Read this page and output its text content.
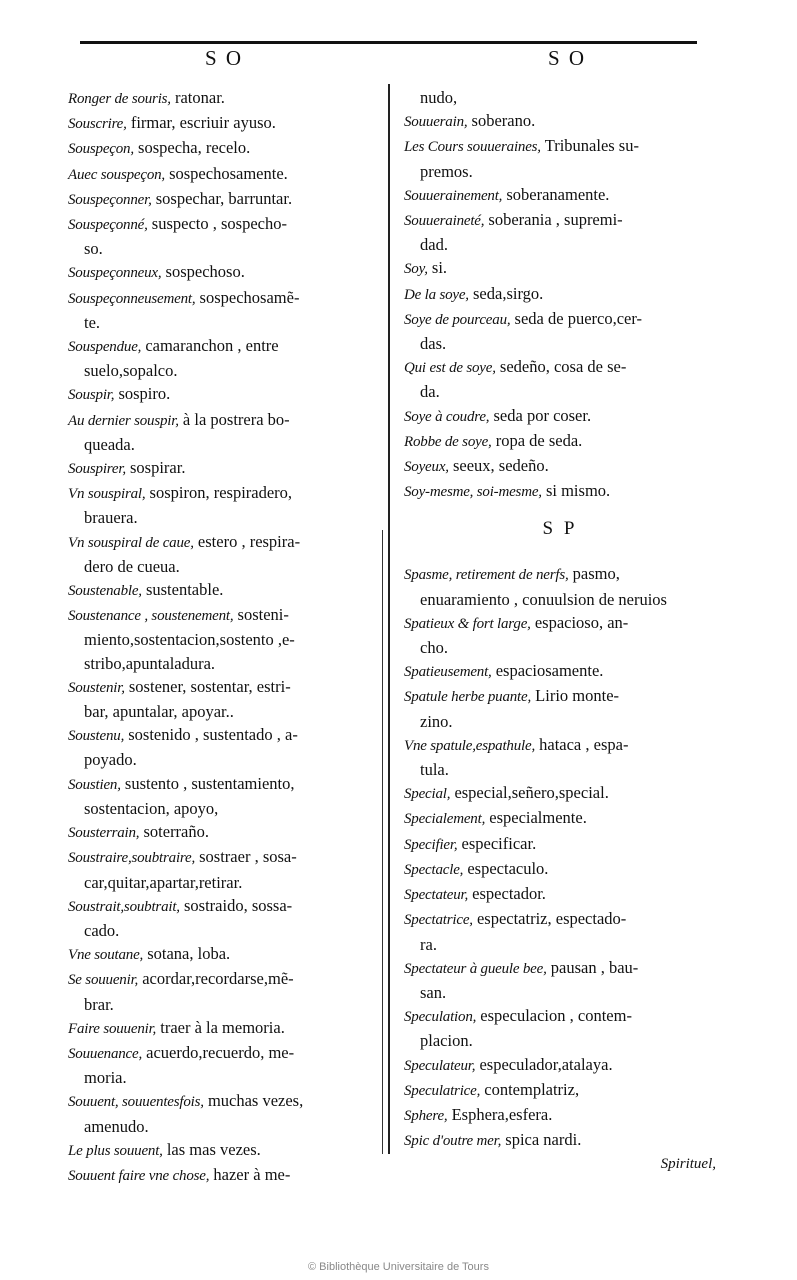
S O	S O

Ronger de souris, ratonar.

Souscrire, firmar, escriuir ayuso.

Souspeçon, sospecha, recelo.

Auec souspeçon, sospechosamente.

Souspeçonner, sospechar, barruntar.

Souspeçonné, suspecto , sospecho-
so.

Souspeçonneux, sospechoso.

Souspeçonneusement, sospechosamẽ-
te.

Souspendue, camaranchon , entre
suelo,sopalco.

Souspir, sospiro.

Au dernier souspir, à la postrera bo-
queada.

Souspirer, sospirar.

Vn souspiral, sospiron, respiradero,
brauera.

Vn souspiral de caue, estero , respira-
dero de cueua.

Soustenable, sustentable.

Soustenance , soustenement, sosteni-
miento,sostentacion,sostento ,e-stribo,apuntaladura.

Soustenir, sostener, sostentar, estri-
bar, apuntalar, apoyar..

Soustenu, sostenido , sustentado , a-
poyado.

Soustien, sustento , sustentamiento,
sostentacion, apoyo,

Sousterrain, soterraño.

Soustraire,soubtraire, sostraer , sosa-
car,quitar,apartar,retirar.

Soustrait,soubtrait, sostraido, sossa-
cado.

Vne soutane, sotana, loba.

Se souuenir, acordar,recordarse,mẽ-
brar.

Faire souuenir, traer à la memoria.

Souuenance, acuerdo,recuerdo, me-
moria.

Souuent, souuentesfois, muchas vezes,
amenudo.

Le plus souuent, las mas vezes.

Souuent faire vne chose, hazer à me-

nudo,

Souuerain, soberano.

Les Cours souueraines, Tribunales su-
premos.

Souuerainement, soberanamente.

Souueraineté, soberania , supremi-
dad.

Soy, si.

De la soye, seda,sirgo.

Soye de pourceau, seda de puerco,cer-
das.

Qui est de soye, sedeño, cosa de se-
da.

Soye à coudre, seda por coser.

Robbe de soye, ropa de seda.

Soyeux, seeux, sedeño.

Soy-mesme, soi-mesme, si mismo.

S P

Spasme, retirement de nerfs, pasmo,
enuaramiento , conuulsion de neruios

Spatieux & fort large, espacioso, an-
cho.

Spatieusement, espaciosamente.

Spatule herbe puante, Lirio monte-
zino.

Vne spatule,espathule, hataca , espa-
tula.

Special, especial,señero,special.

Specialement, especialmente.

Specifier, especificar.

Spectacle, espectaculo.

Spectateur, espectador.

Spectatrice, espectatriz, espectado-
ra.

Spectateur à gueule bee, pausan , bau-
san.

Speculation, especulacion , contem-
placion.

Speculateur, especulador,atalaya.

Speculatrice, contemplatriz,

Sphere, Esphera,esfera.

Spic d'outre mer, spica nardi.

Spirituel,
© Bibliothèque Universitaire de Tours
